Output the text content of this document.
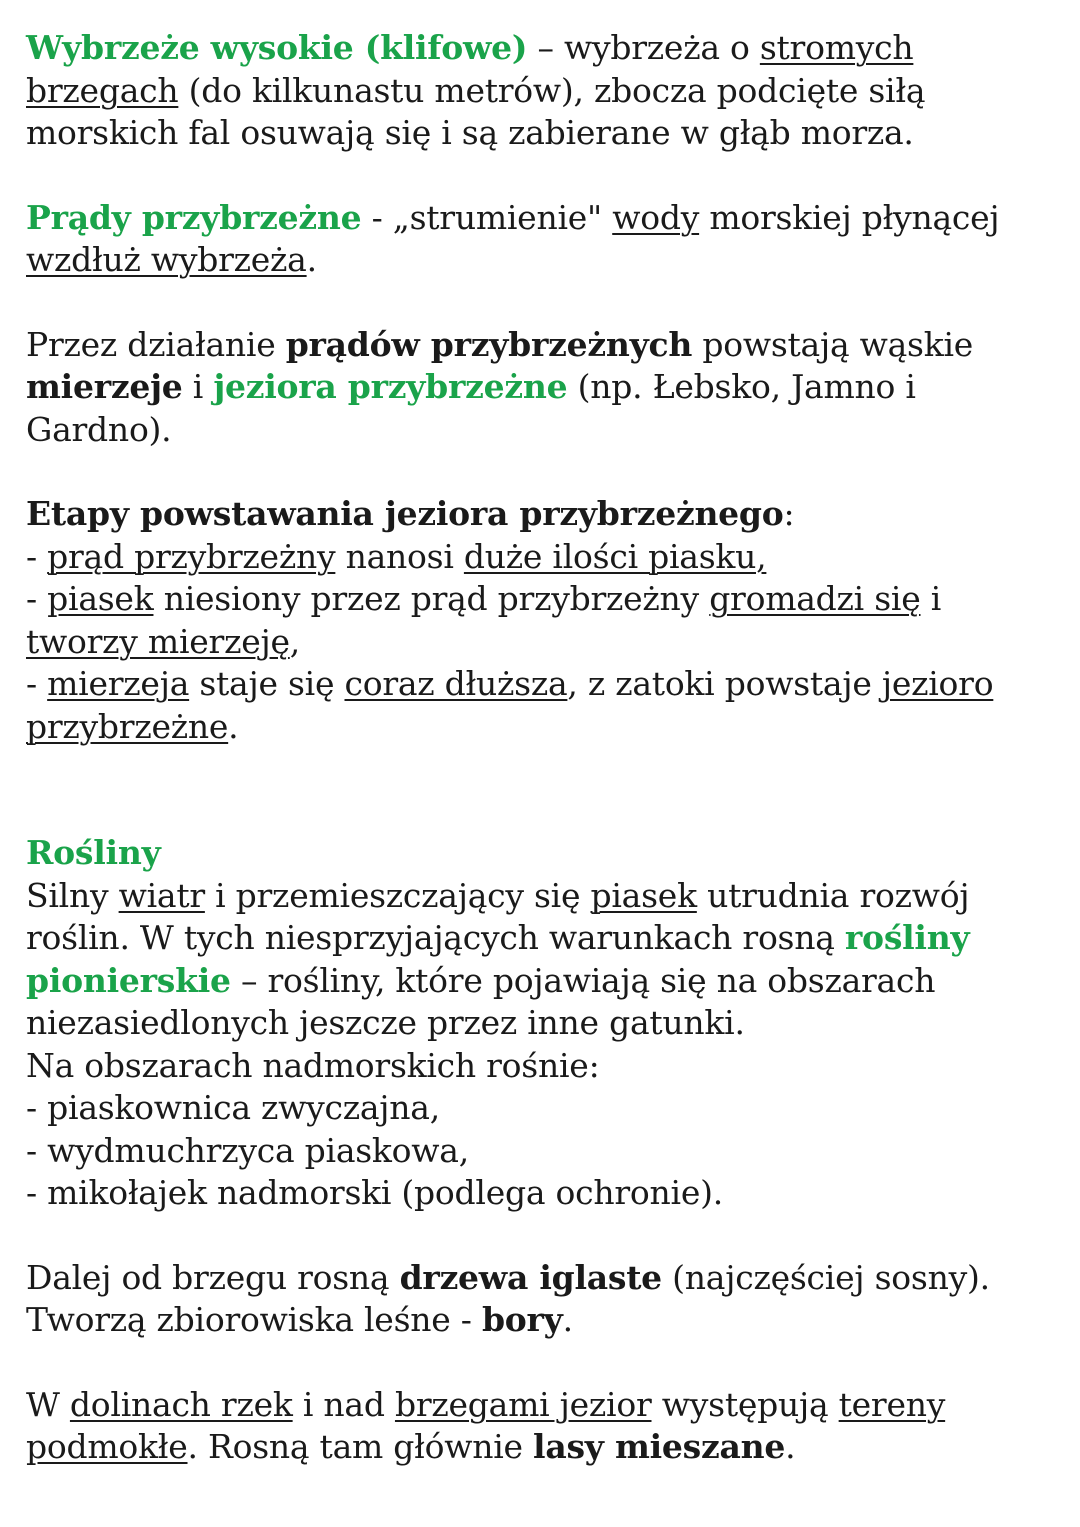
Wybrzeże wysokie (klifowe) – wybrzeża o stromych brzegach (do kilkunastu metrów), zbocza podcięte siłą morskich fal osuwają się i są zabierane w głąb morza.

Prądy przybrzeżne - „strumienie" wody morskiej płynącej wzdłuż wybrzeża.

Przez działanie prądów przybrzeżnych powstają wąskie mierzeje i jeziora przybrzeżne (np. Łebsko, Jamno i Gardno).

Etapy powstawania jeziora przybrzeżnego:

- prąd przybrzeżny nanosi duże ilości piasku,

- piasek niesiony przez prąd przybrzeżny gromadzi się i tworzy mierzeję,

- mierzeja staje się coraz dłuższa, z zatoki powstaje jezioro przybrzeżne.

Rośliny

Silny wiatr i przemieszczający się piasek utrudnia rozwój roślin. W tych niesprzyjających warunkach rosną rośliny pionierskie – rośliny, które pojawiają się na obszarach niezasiedlonych jeszcze przez inne gatunki.

Na obszarach nadmorskich rośnie:

- piaskownica zwyczajna,

- wydmuchrzyca piaskowa,

- mikołajek nadmorski (podlega ochronie).

Dalej od brzegu rosną drzewa iglaste (najczęściej sosny). Tworzą zbiorowiska leśne - bory.

W dolinach rzek i nad brzegami jezior występują tereny podmokłe. Rosną tam głównie lasy mieszane.
